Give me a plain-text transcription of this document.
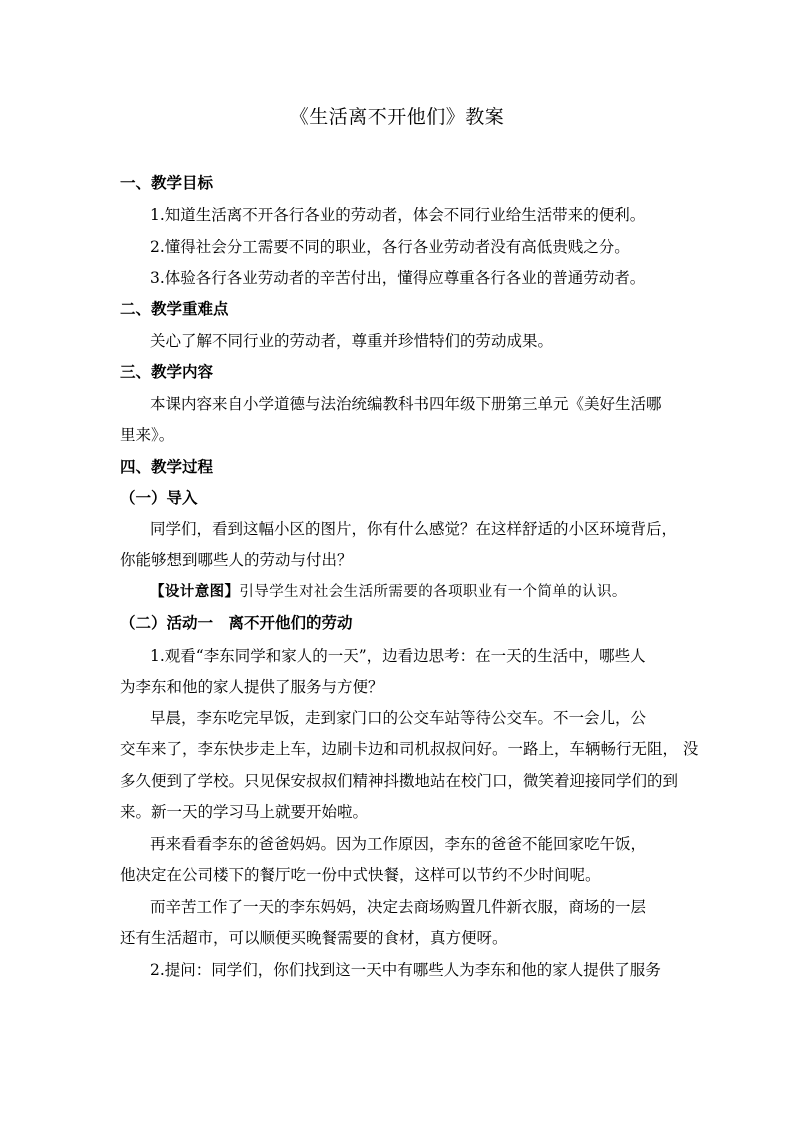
《生活离不开他们》教案
一、教学目标
1.知道生活离不开各行各业的劳动者，体会不同行业给生活带来的便利。
2.懂得社会分工需要不同的职业，各行各业劳动者没有高低贵贱之分。
3.体验各行各业劳动者的辛苦付出，懂得应尊重各行各业的普通劳动者。
二、教学重难点
关心了解不同行业的劳动者，尊重并珍惜特们的劳动成果。
三、教学内容
本课内容来自小学道德与法治统编教科书四年级下册第三单元《美好生活哪
里来》。
四、教学过程
（一）导入
同学们，看到这幅小区的图片，你有什么感觉？在这样舒适的小区环境背后，
你能够想到哪些人的劳动与付出？
【设计意图】引导学生对社会生活所需要的各项职业有一个简单的认识。
（二）活动一　离不开他们的劳动
1.观看“李东同学和家人的一天”，边看边思考：在一天的生活中，哪些人
为李东和他的家人提供了服务与方便？
早晨，李东吃完早饭，走到家门口的公交车站等待公交车。不一会儿，公
交车来了，李东快步走上车，边刷卡边和司机叔叔问好。一路上，车辆畅行无阻， 没
多久便到了学校。只见保安叔叔们精神抖擞地站在校门口，微笑着迎接同学们的到
来。新一天的学习马上就要开始啦。
再来看看李东的爸爸妈妈。因为工作原因，李东的爸爸不能回家吃午饭，
他决定在公司楼下的餐厅吃一份中式快餐，这样可以节约不少时间呢。
而辛苦工作了一天的李东妈妈，决定去商场购置几件新衣服，商场的一层
还有生活超市，可以顺便买晚餐需要的食材，真方便呀。
2.提问：同学们，你们找到这一天中有哪些人为李东和他的家人提供了服务
